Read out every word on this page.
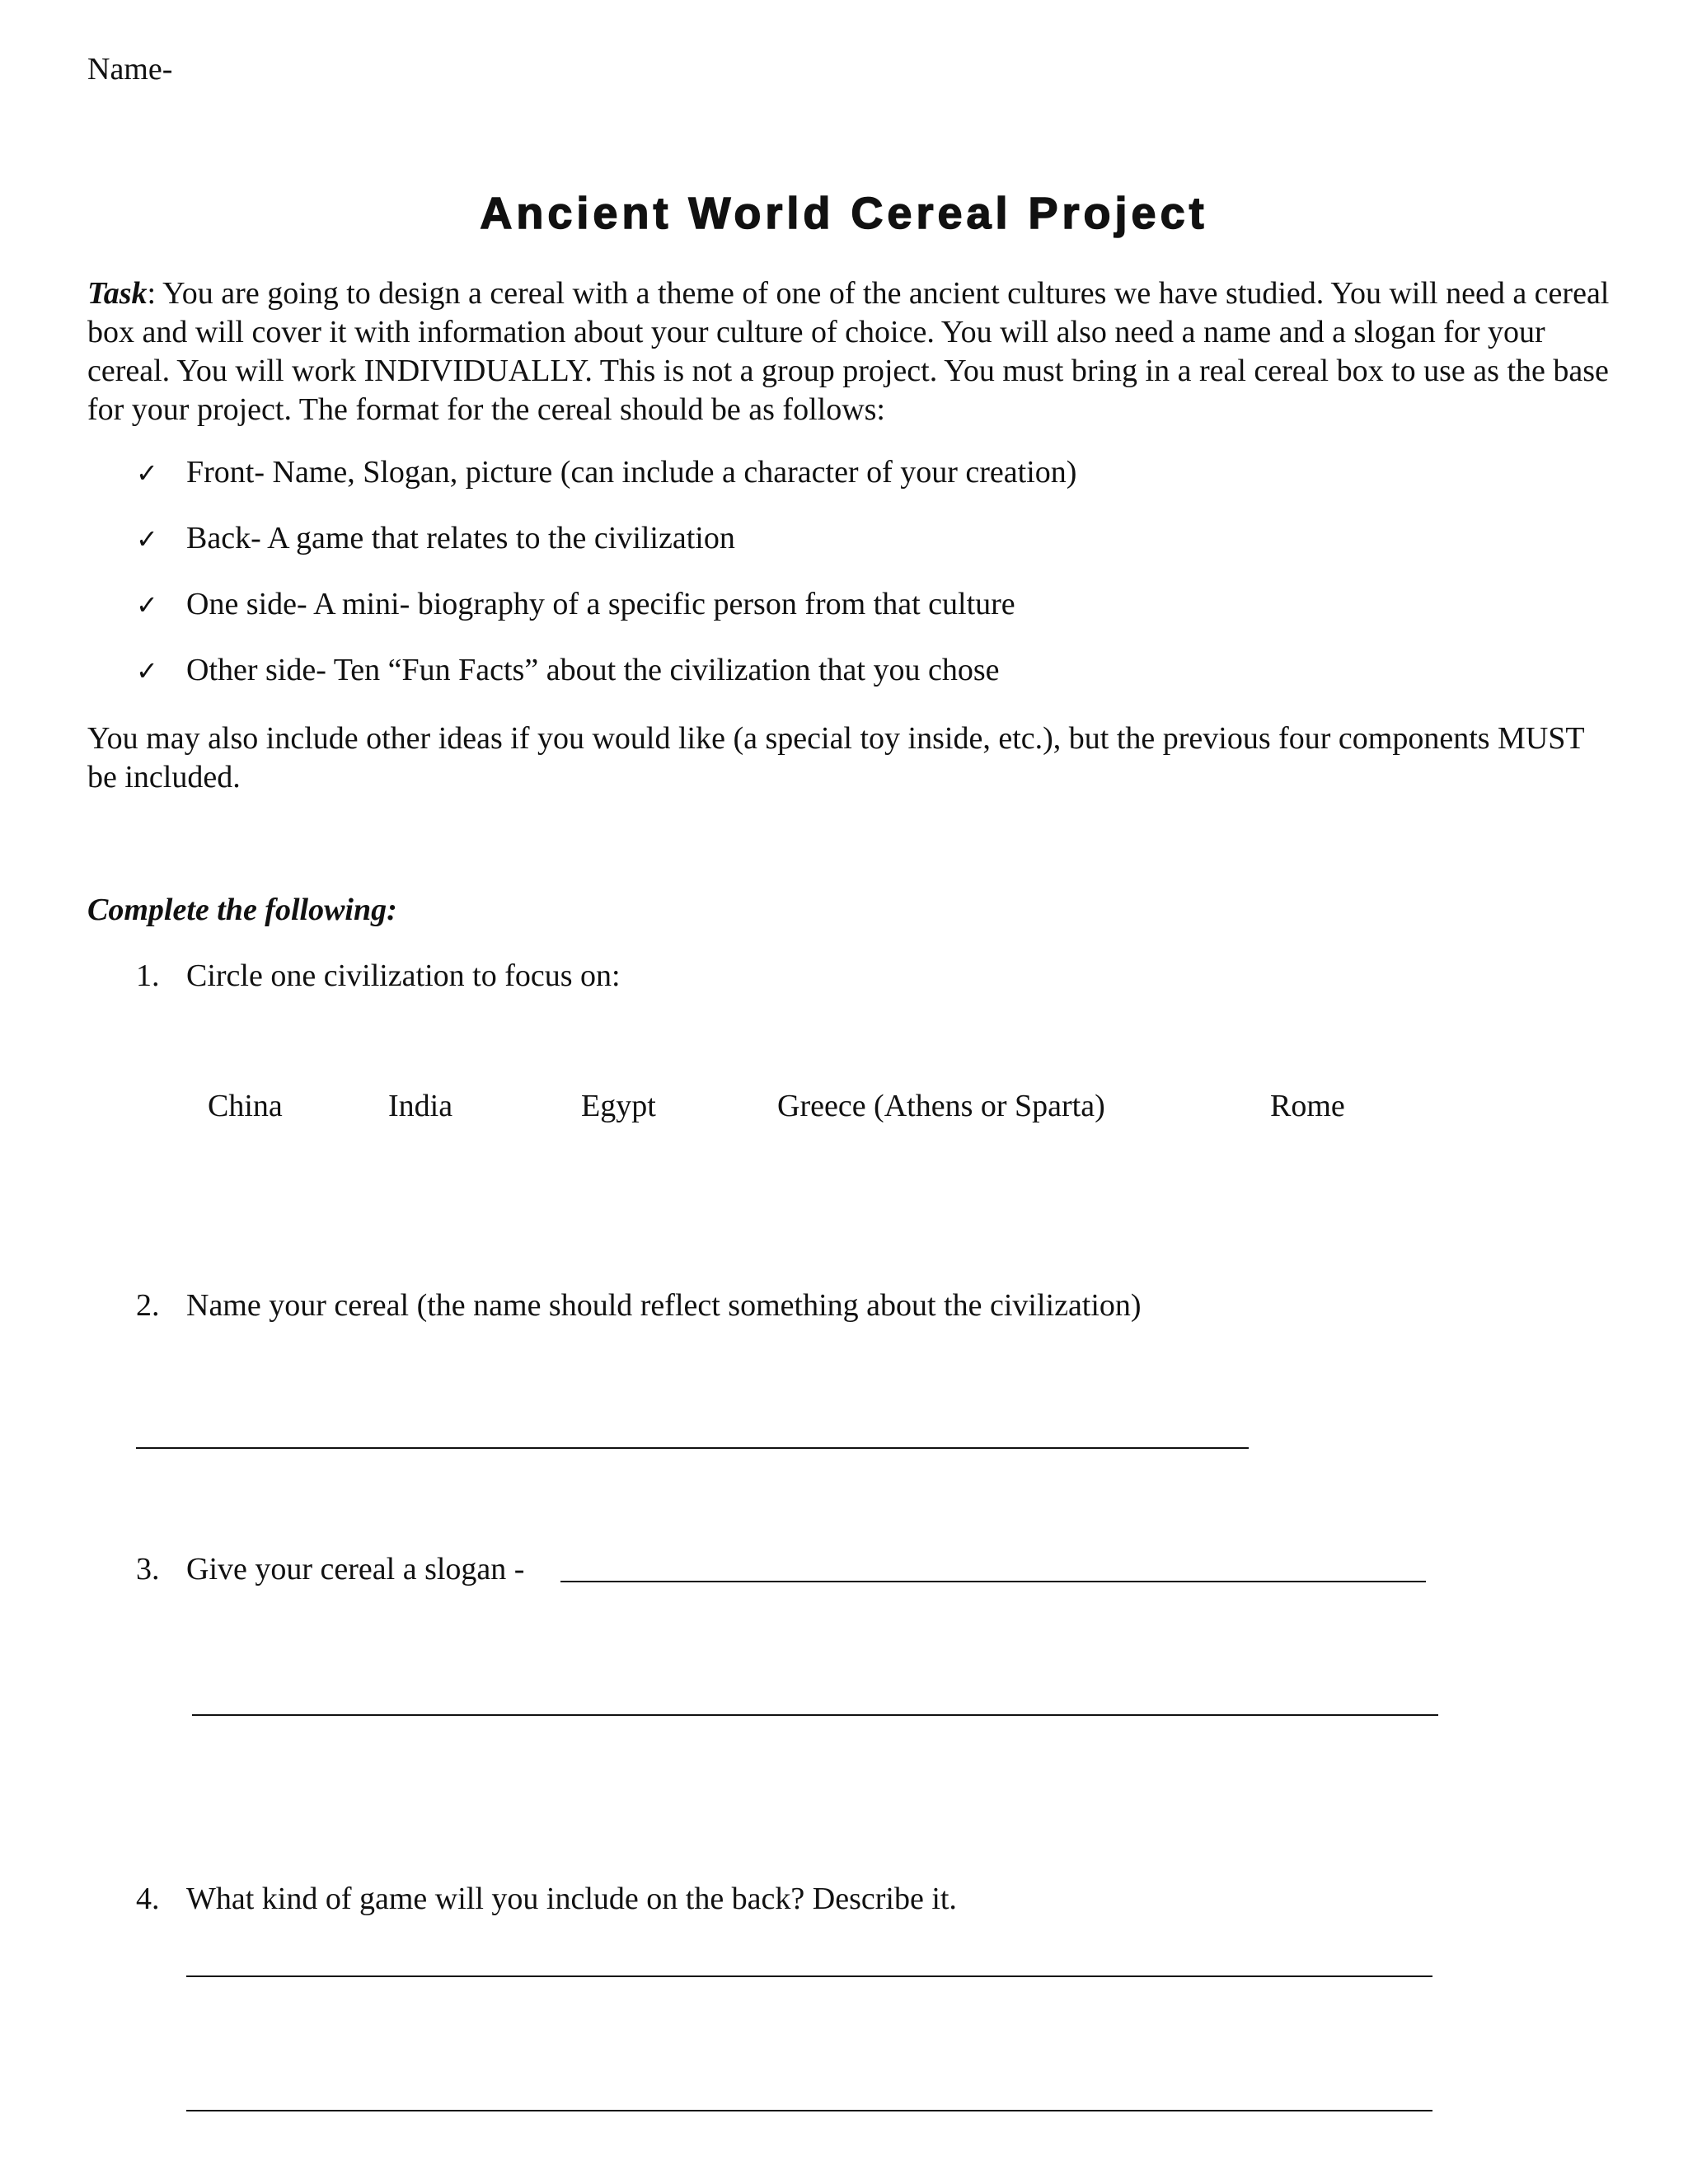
Name-
Ancient World Cereal Project
Task: You are going to design a cereal with a theme of one of the ancient cultures we have studied. You will need a cereal box and will cover it with information about your culture of choice. You will also need a name and a slogan for your cereal. You will work INDIVIDUALLY. This is not a group project. You must bring in a real cereal box to use as the base for your project. The format for the cereal should be as follows:
✓ Front- Name, Slogan, picture (can include a character of your creation)
✓ Back- A game that relates to the civilization
✓ One side- A mini- biography of a specific person from that culture
✓ Other side- Ten “Fun Facts” about the civilization that you chose
You may also include other ideas if you would like (a special toy inside, etc.), but the previous four components MUST be included.
Complete the following:
1. Circle one civilization to focus on:
China	India	Egypt	Greece (Athens or Sparta)	Rome
2. Name your cereal (the name should reflect something about the civilization)
3. Give your cereal a slogan -
4. What kind of game will you include on the back? Describe it.
